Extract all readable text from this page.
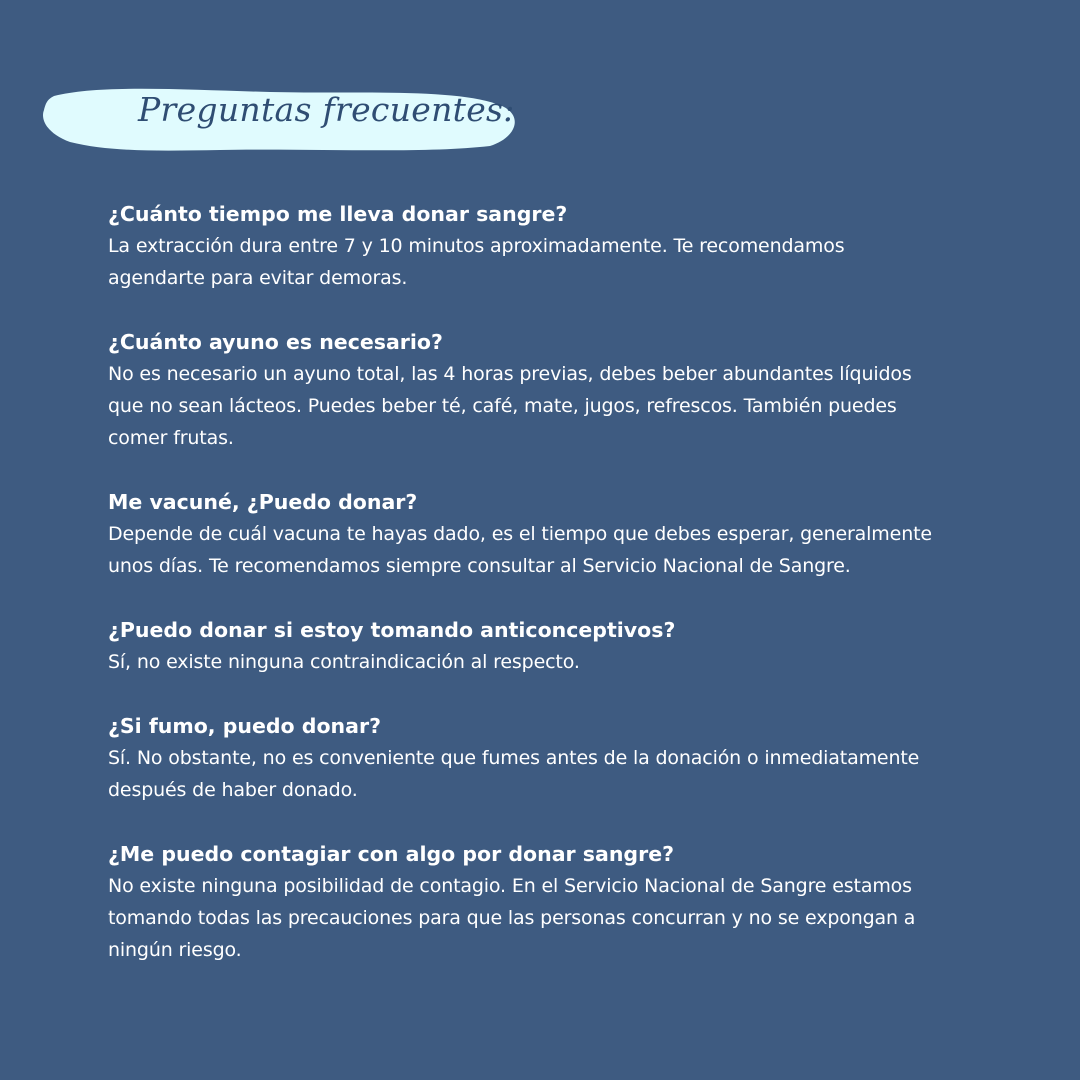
Preguntas frecuentes:
¿Cuánto tiempo me lleva donar sangre?
La extracción dura entre 7 y 10 minutos aproximadamente. Te recomendamos
agendarte para evitar demoras.
¿Cuánto ayuno es necesario?
No es necesario un ayuno total, las 4 horas previas, debes beber abundantes líquidos
que no sean lácteos. Puedes beber té, café, mate, jugos, refrescos. También puedes
comer frutas.
Me vacuné, ¿Puedo donar?
Depende de cuál vacuna te hayas dado, es el tiempo que debes esperar, generalmente
unos días. Te recomendamos siempre consultar al Servicio Nacional de Sangre.
¿Puedo donar si estoy tomando anticonceptivos?
Sí, no existe ninguna contraindicación al respecto.
¿Si fumo, puedo donar?
Sí. No obstante, no es conveniente que fumes antes de la donación o inmediatamente
después de haber donado.
¿Me puedo contagiar con algo por donar sangre?
No existe ninguna posibilidad de contagio. En el Servicio Nacional de Sangre estamos
tomando todas las precauciones para que las personas concurran y no se expongan a
ningún riesgo.
